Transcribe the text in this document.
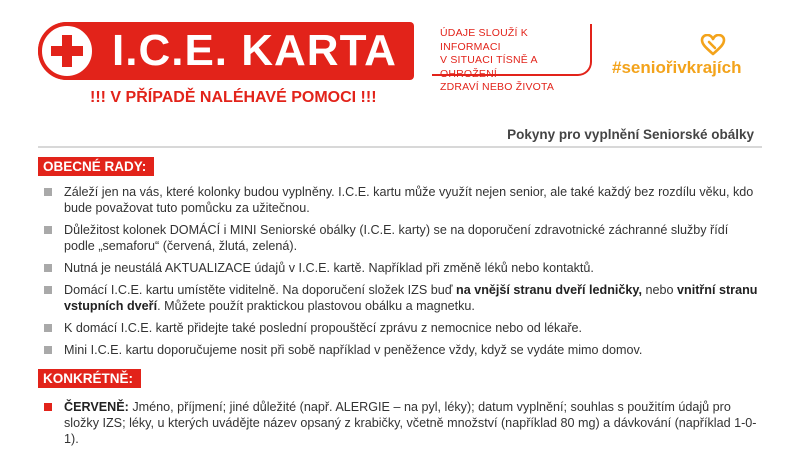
I.C.E. KARTA	ÚDAJE SLOUŽÍ K INFORMACI
V SITUACI TÍSNĚ A OHROŽENÍ
ZDRAVÍ NEBO ŽIVOTA
!!! V PŘÍPADĚ NALÉHAVÉ POMOCI !!!
#seniořivkrajích
Pokyny pro vyplnění Seniorské obálky
OBECNÉ RADY:
Záleží jen na vás, které kolonky budou vyplněny. I.C.E. kartu může využít nejen senior, ale také každý bez rozdílu věku, kdo bude považovat tuto pomůcku za užitečnou.
Důležitost kolonek DOMÁCÍ i MINI Seniorské obálky (I.C.E. karty) se na doporučení zdravotnické záchranné služby řídí podle „semaforu“ (červená, žlutá, zelená).
Nutná je neustálá AKTUALIZACE údajů v I.C.E. kartě. Například při změně léků nebo kontaktů.
Domácí I.C.E. kartu umístěte viditelně. Na doporučení složek IZS buď na vnější stranu dveří ledničky, nebo vnitřní stranu vstupních dveří. Můžete použít praktickou plastovou obálku a magnetku.
K domácí I.C.E. kartě přidejte také poslední propouštěcí zprávu z nemocnice nebo od lékaře.
Mini I.C.E. kartu doporučujeme nosit při sobě například v peněžence vždy, když se vydáte mimo domov.
KONKRÉTNĚ:
ČERVENĚ: Jméno, příjmení; jiné důležité (např. ALERGIE – na pyl, léky); datum vyplnění; souhlas s použitím údajů pro složky IZS; léky, u kterých uvádějte název opsaný z krabičky, včetně množství (například 80 mg) a dávkování (například 1-0-1).
